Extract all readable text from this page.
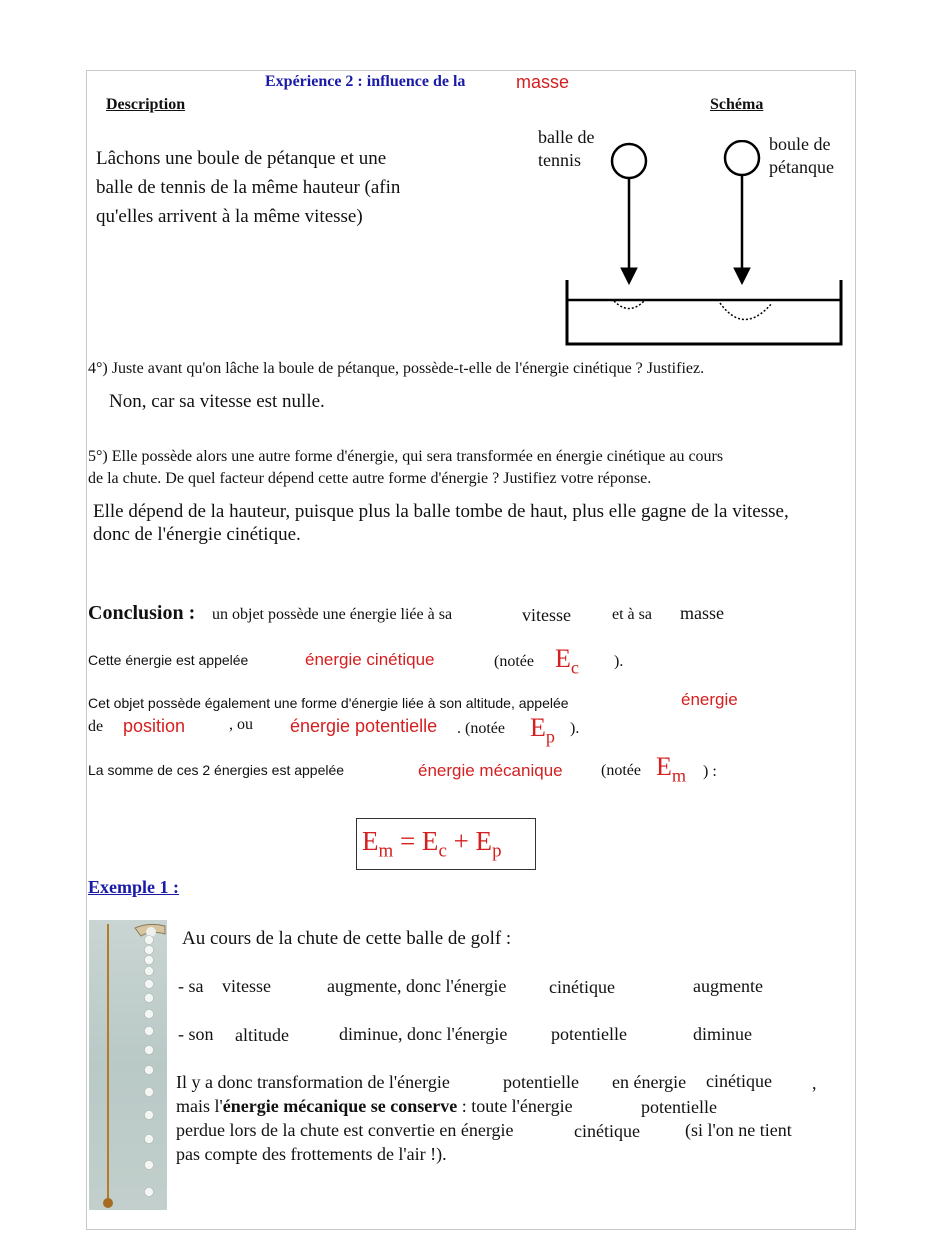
Expérience 2 : influence de la	masse
Description
Lâchons une boule de pétanque et une
balle de tennis de la même hauteur (afin
qu'elles arrivent à la même vitesse)
Schéma
balle de
tennis
boule de
pétanque
4°) Juste avant qu'on lâche la boule de pétanque, possède-t-elle de l'énergie cinétique ? Justifiez.
Non, car sa vitesse est nulle.
5°) Elle possède alors une autre forme d'énergie, qui sera transformée en énergie cinétique au cours
de la chute. De quel facteur dépend cette autre forme d'énergie ? Justifiez votre réponse.
Elle dépend de la hauteur, puisque plus la balle tombe de haut, plus elle gagne de la vitesse,
donc de l'énergie cinétique.
Conclusion : un objet possède une énergie liée à sa	vitesse	et à sa masse
Cette énergie est appelée	énergie cinétique	(notée $E_c$ ).
Cet objet possède également une forme d'énergie liée à son altitude, appelée	énergie
de position	, ou énergie potentielle . (notée $E_p$ ).
La somme de ces 2 énergies est appelée	énergie mécanique (notée $E_m$ ) :
$E_m = E_c + E_p$
Exemple 1 :
Au cours de la chute de cette balle de golf :
- sa vitesse	augmente, donc l'énergie cinétique	augmente
- son altitude	diminue, donc l'énergie potentielle	diminue
Il y a donc transformation de l'énergie	potentielle en énergie cinétique ,
mais l'énergie mécanique se conserve : toute l'énergie	potentielle
perdue lors de la chute est convertie en énergie	cinétique	(si l'on ne tient
pas compte des frottements de l'air !).
